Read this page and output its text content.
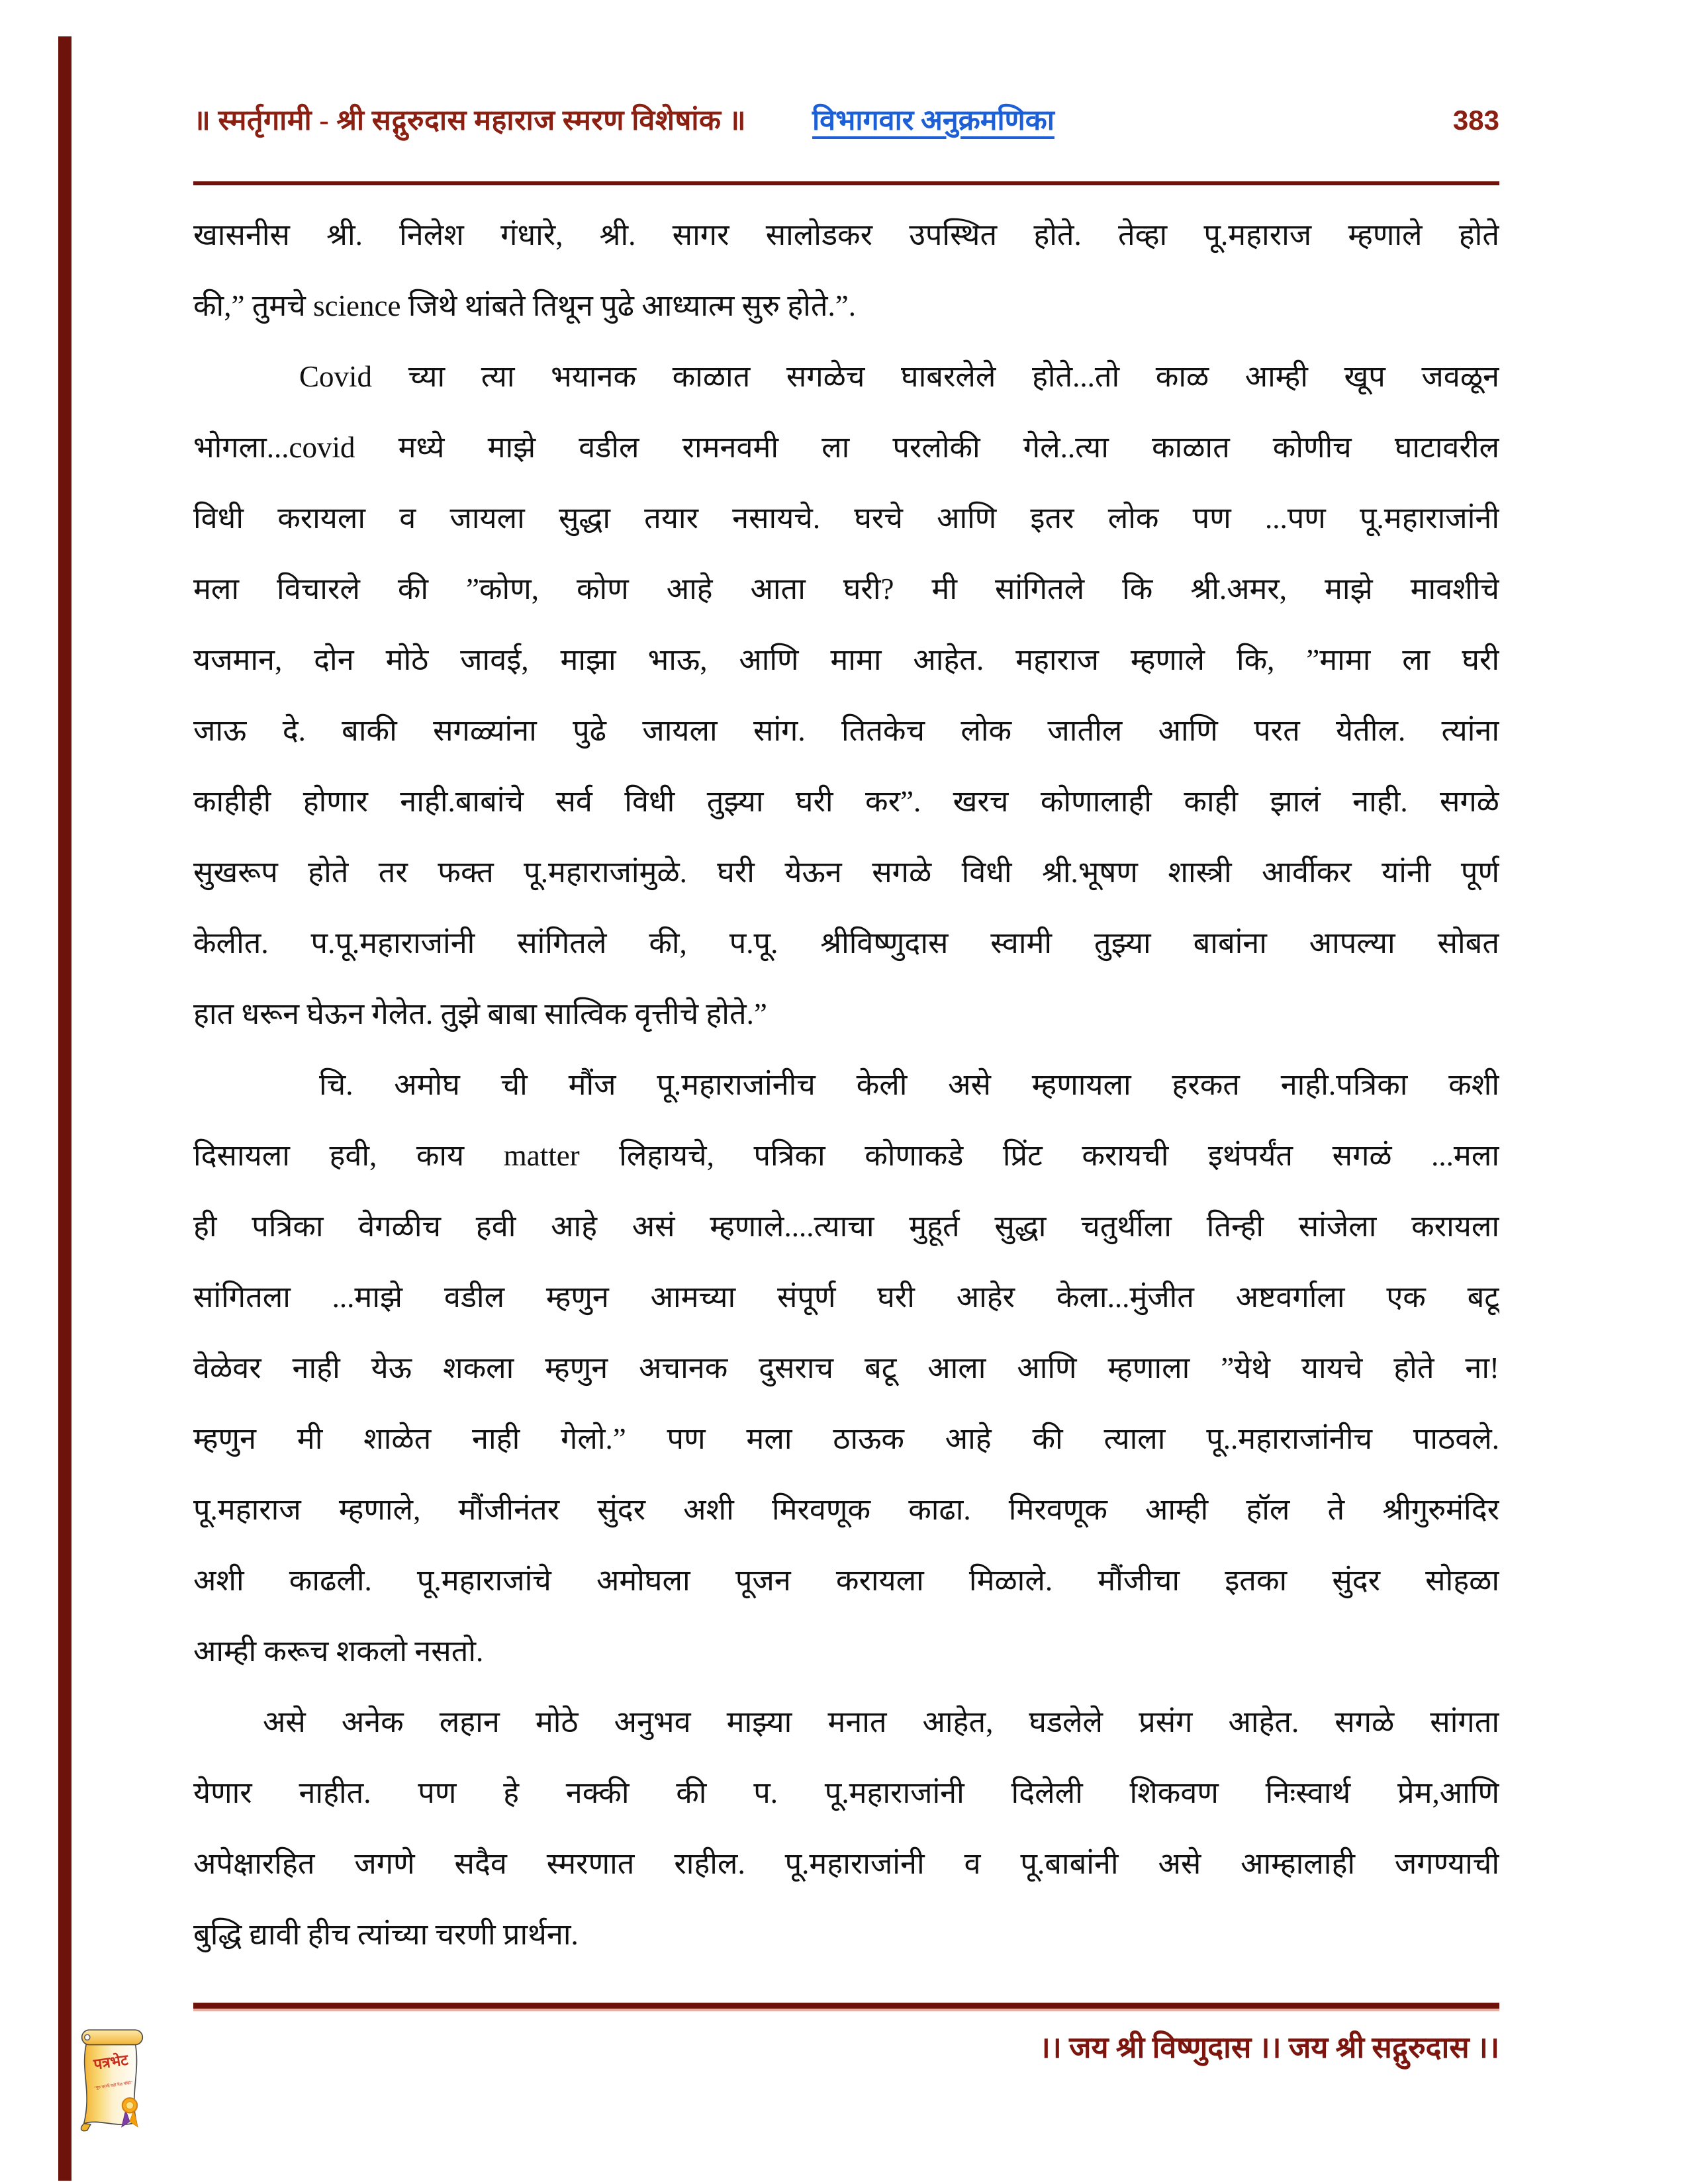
॥ स्मर्तृगामी - श्री सद्गुरुदास महाराज स्मरण विशेषांक ॥ विभागवार अनुक्रमणिका	383
खासनीस श्री. निलेश गंधारे, श्री. सागर सालोडकर उपस्थित होते. तेव्हा पू.महाराज म्हणाले होते
की,” तुमचे science जिथे थांबते तिथून पुढे आध्यात्म सुरु होते.”.
Covid च्या त्या भयानक काळात सगळेच घाबरलेले होते...तो काळ आम्ही खूप जवळून
भोगला...covid मध्ये माझे वडील रामनवमी ला परलोकी गेले..त्या काळात कोणीच घाटावरील
विधी करायला व जायला सुद्धा तयार नसायचे. घरचे आणि इतर लोक पण ...पण पू.महाराजांनी
मला विचारले की ”कोण, कोण आहे आता घरी? मी सांगितले कि श्री.अमर, माझे मावशीचे
यजमान, दोन मोठे जावई, माझा भाऊ, आणि मामा आहेत. महाराज म्हणाले कि, ”मामा ला घरी
जाऊ दे. बाकी सगळ्यांना पुढे जायला सांग. तितकेच लोक जातील आणि परत येतील. त्यांना
काहीही होणार नाही.बाबांचे सर्व विधी तुझ्या घरी कर”. खरच कोणालाही काही झालं नाही. सगळे
सुखरूप होते तर फक्त पू.महाराजांमुळे. घरी येऊन सगळे विधी श्री.भूषण शास्त्री आर्वीकर यांनी पूर्ण
केलीत. प.पू.महाराजांनी सांगितले की, प.पू. श्रीविष्णुदास स्वामी तुझ्या बाबांना आपल्या सोबत
हात धरून घेऊन गेलेत. तुझे बाबा सात्विक वृत्तीचे होते.”
चि. अमोघ ची मौंज पू.महाराजांनीच केली असे म्हणायला हरकत नाही.पत्रिका कशी
दिसायला हवी, काय matter लिहायचे, पत्रिका कोणाकडे प्रिंट करायची इथंपर्यंत सगळं ...मला
ही पत्रिका वेगळीच हवी आहे असं म्हणाले....त्याचा मुहूर्त सुद्धा चतुर्थीला तिन्ही सांजेला करायला
सांगितला ...माझे वडील म्हणुन आमच्या संपूर्ण घरी आहेर केला...मुंजीत अष्टवर्गाला एक बटू
वेळेवर नाही येऊ शकला म्हणुन अचानक दुसराच बटू आला आणि म्हणाला ”येथे यायचे होते ना!
म्हणुन मी शाळेत नाही गेलो.” पण मला ठाऊक आहे की त्याला पू..महाराजांनीच पाठवले.
पू.महाराज म्हणाले, मौंजीनंतर सुंदर अशी मिरवणूक काढा. मिरवणूक आम्ही हॉल ते श्रीगुरुमंदिर
अशी काढली. पू.महाराजांचे अमोघला पूजन करायला मिळाले. मौंजीचा इतका सुंदर सोहळा
आम्ही करूच शकलो नसतो.
असे अनेक लहान मोठे अनुभव माझ्या मनात आहेत, घडलेले प्रसंग आहेत. सगळे सांगता
येणार नाहीत. पण हे नक्की की प. पू.महाराजांनी दिलेली शिकवण निःस्वार्थ प्रेम,आणि
अपेक्षारहित जगणे सदैव स्मरणात राहील. पू.महाराजांनी व पू.बाबांनी असे आम्हालाही जगण्याची
बुद्धि द्यावी हीच त्यांच्या चरणी प्रार्थना.
।। जय श्री विष्णुदास ।। जय श्री सद्गुरुदास ।।
पत्रभेट
“गुरु चरणी घडो मेळ मंदिरे”
